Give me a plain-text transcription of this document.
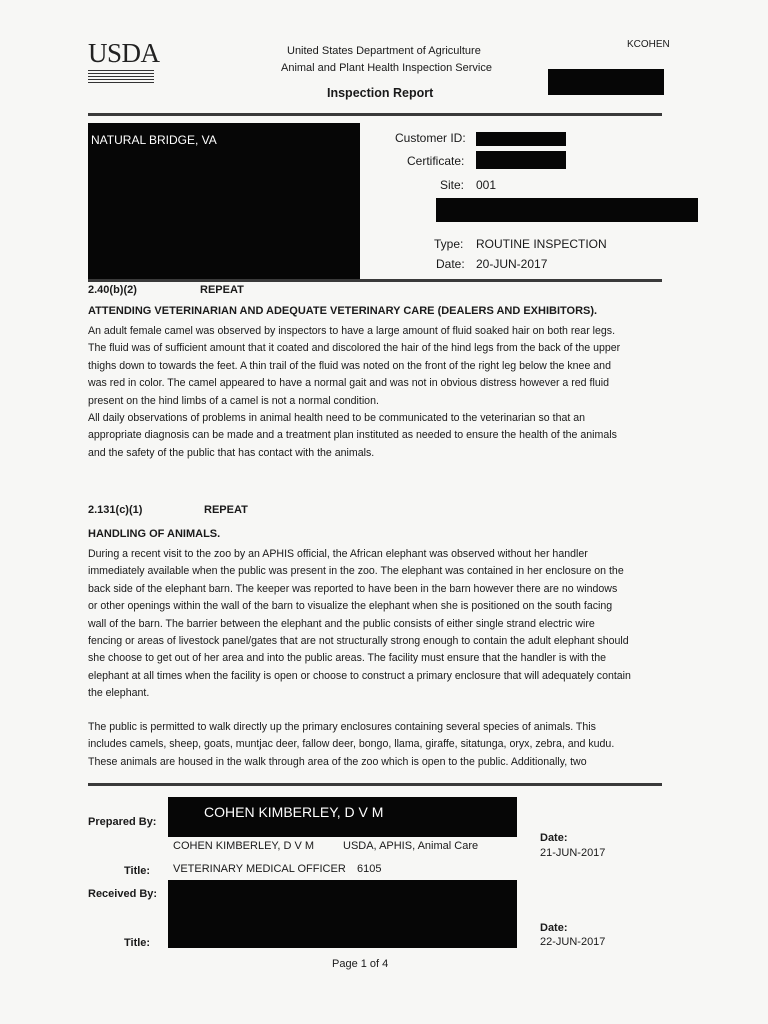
USDA	KCOHEN
United States Department of Agriculture
Animal and Plant Health Inspection Service
Inspection Report
NATURAL BRIDGE, VA	Customer ID:
Certificate:
Site: 001
Type: ROUTINE INSPECTION
Date: 20-JUN-2017
2.40(b)(2)	REPEAT
ATTENDING VETERINARIAN AND ADEQUATE VETERINARY CARE (DEALERS AND EXHIBITORS).

An adult female camel was observed by inspectors to have a large amount of fluid soaked hair on both rear legs.

The fluid was of sufficient amount that it coated and discolored the hair of the hind legs from the back of the upper

thighs down to towards the feet. A thin trail of the fluid was noted on the front of the right leg below the knee and

was red in color. The camel appeared to have a normal gait and was not in obvious distress however a red fluid

present on the hind limbs of a camel is not a normal condition.

All daily observations of problems in animal health need to be communicated to the veterinarian so that an

appropriate diagnosis can be made and a treatment plan instituted as needed to ensure the health of the animals

and the safety of the public that has contact with the animals.

2.131(c)(1)	REPEAT
HANDLING OF ANIMALS.

During a recent visit to the zoo by an APHIS official, the African elephant was observed without her handler

immediately available when the public was present in the zoo. The elephant was contained in her enclosure on the

back side of the elephant barn. The keeper was reported to have been in the barn however there are no windows

or other openings within the wall of the barn to visualize the elephant when she is positioned on the south facing

wall of the barn. The barrier between the elephant and the public consists of either single strand electric wire

fencing or areas of livestock panel/gates that are not structurally strong enough to contain the adult elephant should

she choose to get out of her area and into the public areas. The facility must ensure that the handler is with the

elephant at all times when the facility is open or choose to construct a primary enclosure that will adequately contain

the elephant.

The public is permitted to walk directly up the primary enclosures containing several species of animals. This

includes camels, sheep, goats, muntjac deer, fallow deer, bongo, llama, giraffe, sitatunga, oryx, zebra, and kudu.

These animals are housed in the walk through area of the zoo which is open to the public. Additionally, two

Prepared By:
COHEN KIMBERLEY, D V M
COHEN KIMBERLEY, D V M	USDA, APHIS, Animal Care
Date:
21-JUN-2017
Title: VETERINARY MEDICAL OFFICER 6105
Received By:
Date:
22-JUN-2017
Title:
Page 1 of 4
